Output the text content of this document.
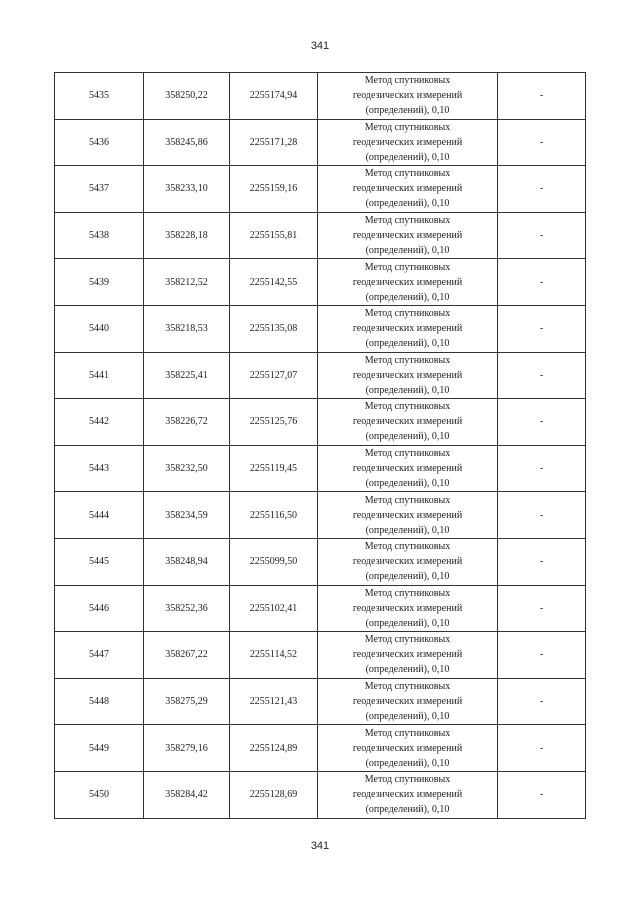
341
5435	358250,22	2255174,94	Метод спутниковых
геодезических измерений
(определений), 0,10	-
5436	358245,86	2255171,28	Метод спутниковых
геодезических измерений
(определений), 0,10	-
5437	358233,10	2255159,16	Метод спутниковых
геодезических измерений
(определений), 0,10	-
5438	358228,18	2255155,81	Метод спутниковых
геодезических измерений
(определений), 0,10	-
5439	358212,52	2255142,55	Метод спутниковых
геодезических измерений
(определений), 0,10	-
5440	358218,53	2255135,08	Метод спутниковых
геодезических измерений
(определений), 0,10	-
5441	358225,41	2255127,07	Метод спутниковых
геодезических измерений
(определений), 0,10	-
5442	358226,72	2255125,76	Метод спутниковых
геодезических измерений
(определений), 0,10	-
5443	358232,50	2255119,45	Метод спутниковых
геодезических измерений
(определений), 0,10	-
5444	358234,59	2255116,50	Метод спутниковых
геодезических измерений
(определений), 0,10	-
5445	358248,94	2255099,50	Метод спутниковых
геодезических измерений
(определений), 0,10	-
5446	358252,36	2255102,41	Метод спутниковых
геодезических измерений
(определений), 0,10	-
5447	358267,22	2255114,52	Метод спутниковых
геодезических измерений
(определений), 0,10	-
5448	358275,29	2255121,43	Метод спутниковых
геодезических измерений
(определений), 0,10	-
5449	358279,16	2255124,89	Метод спутниковых
геодезических измерений
(определений), 0,10	-
5450	358284,42	2255128,69	Метод спутниковых
геодезических измерений
(определений), 0,10	-
341
